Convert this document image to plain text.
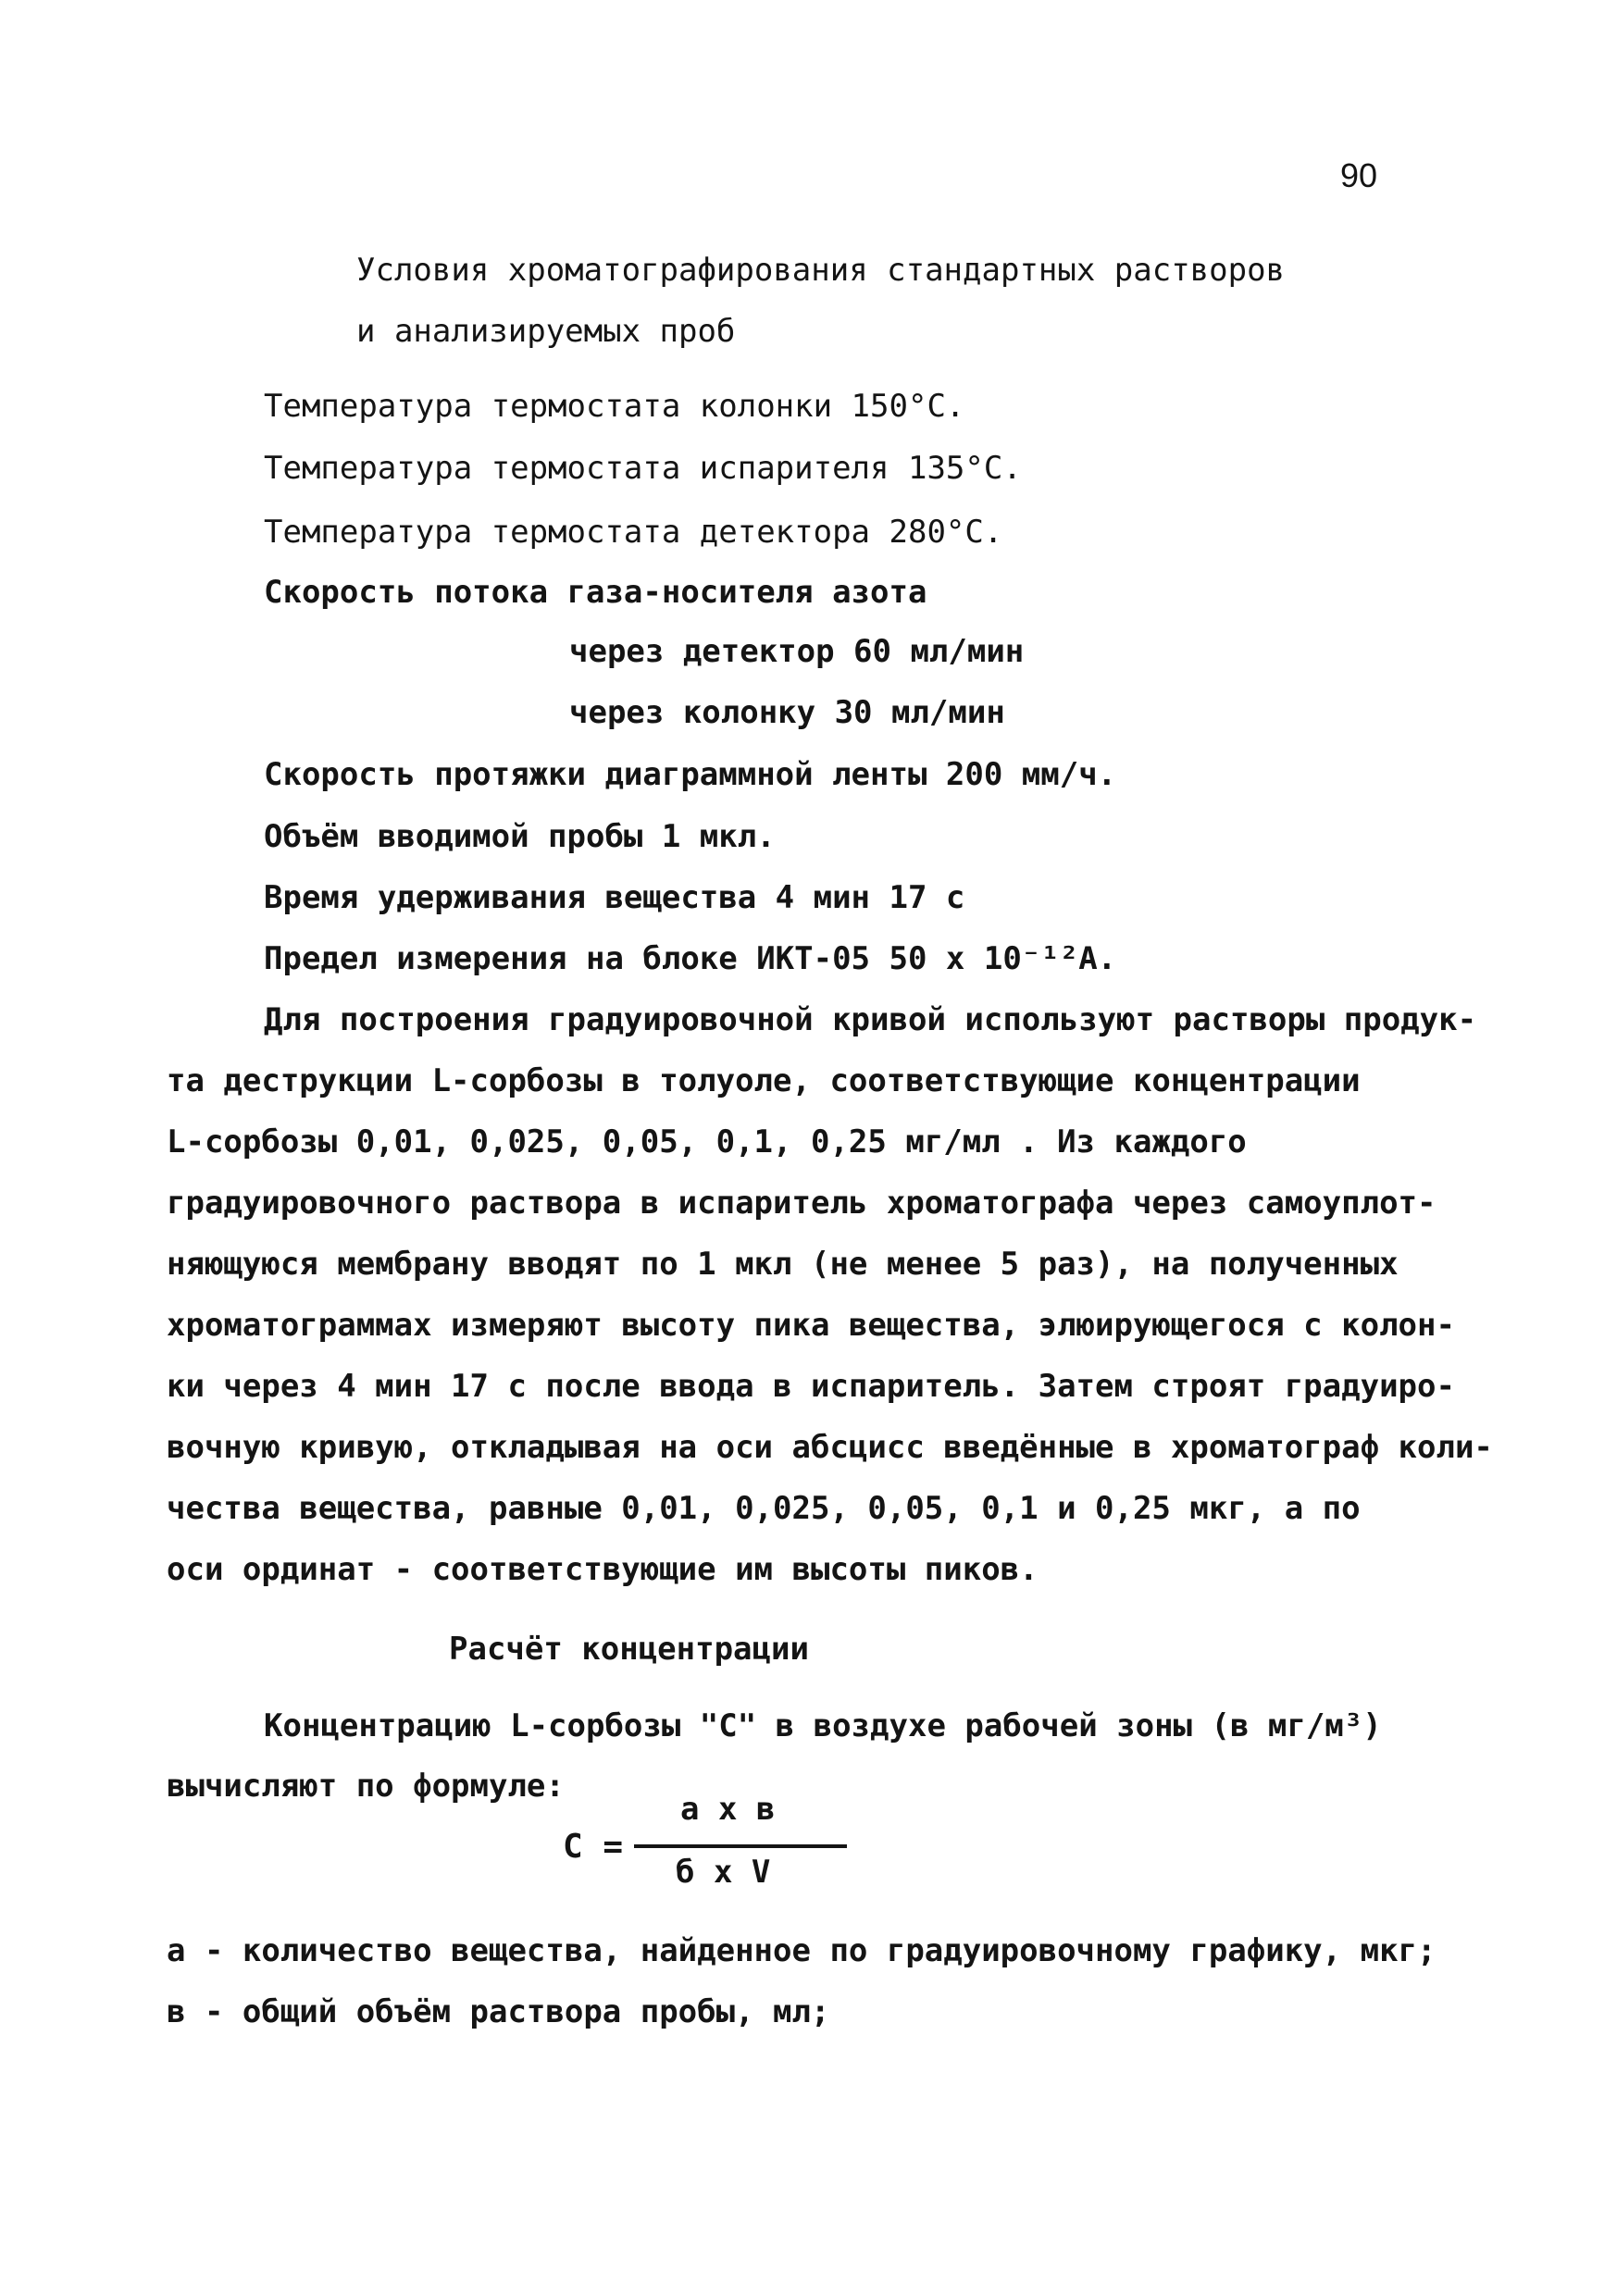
90
Условия хроматографирования стандартных растворов
и анализируемых проб
Температура термостата колонки 150°С.
Температура термостата испарителя 135°С.
Температура термостата детектора 280°С.
Скорость потока газа-носителя азота
через детектор 60 мл/мин
через колонку 30 мл/мин
Скорость протяжки диаграммной ленты 200 мм/ч.
Объём вводимой пробы 1 мкл.
Время удерживания вещества 4 мин 17 с
Предел измерения на блоке ИКТ-05 50 х 10⁻¹²А.
Для построения градуировочной кривой используют растворы продук-
та деструкции L-сорбозы в толуоле, соответствующие концентрации
L-сорбозы 0,01, 0,025, 0,05, 0,1, 0,25 мг/мл . Из каждого
градуировочного раствора в испаритель хроматографа через самоуплот-
няющуюся мембрану вводят по 1 мкл (не менее 5 раз), на полученных
хроматограммах измеряют высоту пика вещества, элюирующегося с колон-
ки через 4 мин 17 с после ввода в испаритель. Затем строят градуиро-
вочную кривую, откладывая на оси абсцисс введённые в хроматограф коли-
чества вещества, равные 0,01, 0,025, 0,05, 0,1 и 0,25 мкг, а по
оси ординат - соответствующие им высоты пиков.
Расчёт концентрации
Концентрацию L-сорбозы "С" в воздухе рабочей зоны (в мг/м³)
вычисляют по формуле:
С =
а х в
б х V
а - количество вещества, найденное по градуировочному графику, мкг;
в - общий объём раствора пробы, мл;
